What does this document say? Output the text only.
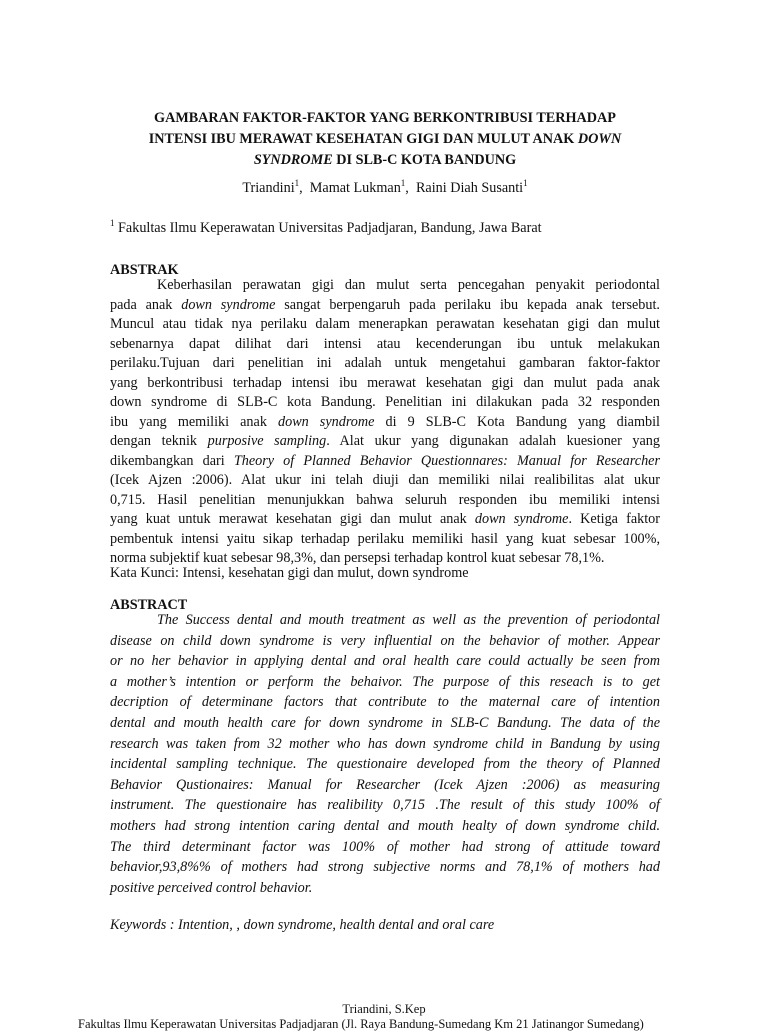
GAMBARAN FAKTOR-FAKTOR YANG BERKONTRIBUSI TERHADAP
INTENSI IBU MERAWAT KESEHATAN GIGI DAN MULUT ANAK DOWN
SYNDROME DI SLB-C KOTA BANDUNG
Triandini$^1$,  Mamat Lukman$^1$,  Raini Diah Susanti$^1$
$^1$ Fakultas Ilmu Keperawatan Universitas Padjadjaran, Bandung, Jawa Barat
ABSTRAK
Keberhasilan perawatan gigi dan mulut serta pencegahan penyakit periodontal
pada anak down syndrome sangat berpengaruh pada perilaku ibu kepada anak tersebut.
Muncul atau tidak nya perilaku dalam menerapkan perawatan kesehatan gigi dan mulut
sebenarnya dapat dilihat dari intensi atau kecenderungan ibu untuk melakukan
perilaku.Tujuan dari penelitian ini adalah untuk mengetahui gambaran faktor-faktor
yang berkontribusi terhadap intensi ibu merawat kesehatan gigi dan mulut pada anak
down syndrome di SLB-C kota Bandung. Penelitian ini dilakukan pada 32 responden
ibu yang memiliki anak down syndrome di 9 SLB-C Kota Bandung yang diambil
dengan teknik purposive sampling. Alat ukur yang digunakan adalah kuesioner yang
dikembangkan dari Theory of Planned Behavior Questionnares: Manual for Researcher
(Icek Ajzen :2006). Alat ukur ini telah diuji dan memiliki nilai realibilitas alat ukur
0,715. Hasil penelitian menunjukkan bahwa seluruh responden ibu memiliki intensi
yang kuat untuk merawat kesehatan gigi dan mulut anak down syndrome. Ketiga faktor
pembentuk intensi yaitu sikap terhadap perilaku memiliki hasil yang kuat sebesar 100%,
norma subjektif kuat sebesar 98,3%, dan persepsi terhadap kontrol kuat sebesar 78,1%.
Kata Kunci: Intensi, kesehatan gigi dan mulut, down syndrome
ABSTRACT
The Success dental and mouth treatment as well as the prevention of periodontal
disease on child down syndrome is very influential on the behavior of mother. Appear
or no her behavior in applying dental and oral health care could actually be seen from
a mother’s intention or perform the behaivor. The purpose of this reseach is to get
decription of determinane factors that contribute to the maternal care of intention
dental and mouth health care for down syndrome in SLB-C Bandung. The data of the
research was taken from 32 mother who has down syndrome child in Bandung by using
incidental sampling technique. The questionaire developed from the theory of Planned
Behavior Qustionaires: Manual for Researcher (Icek Ajzen :2006) as measuring
instrument. The questionaire has realibility 0,715 .The result of this study 100% of
mothers had strong intention caring dental and mouth healty of down syndrome child.
The third determinant factor was 100% of mother had strong of attitude toward
behavior,93,8%% of mothers had strong subjective norms and 78,1% of mothers had
positive perceived control behavior.
Keywords : Intention, , down syndrome, health dental and oral care
Triandini, S.Kep
Fakultas Ilmu Keperawatan Universitas Padjadjaran (Jl. Raya Bandung-Sumedang Km 21 Jatinangor Sumedang)
